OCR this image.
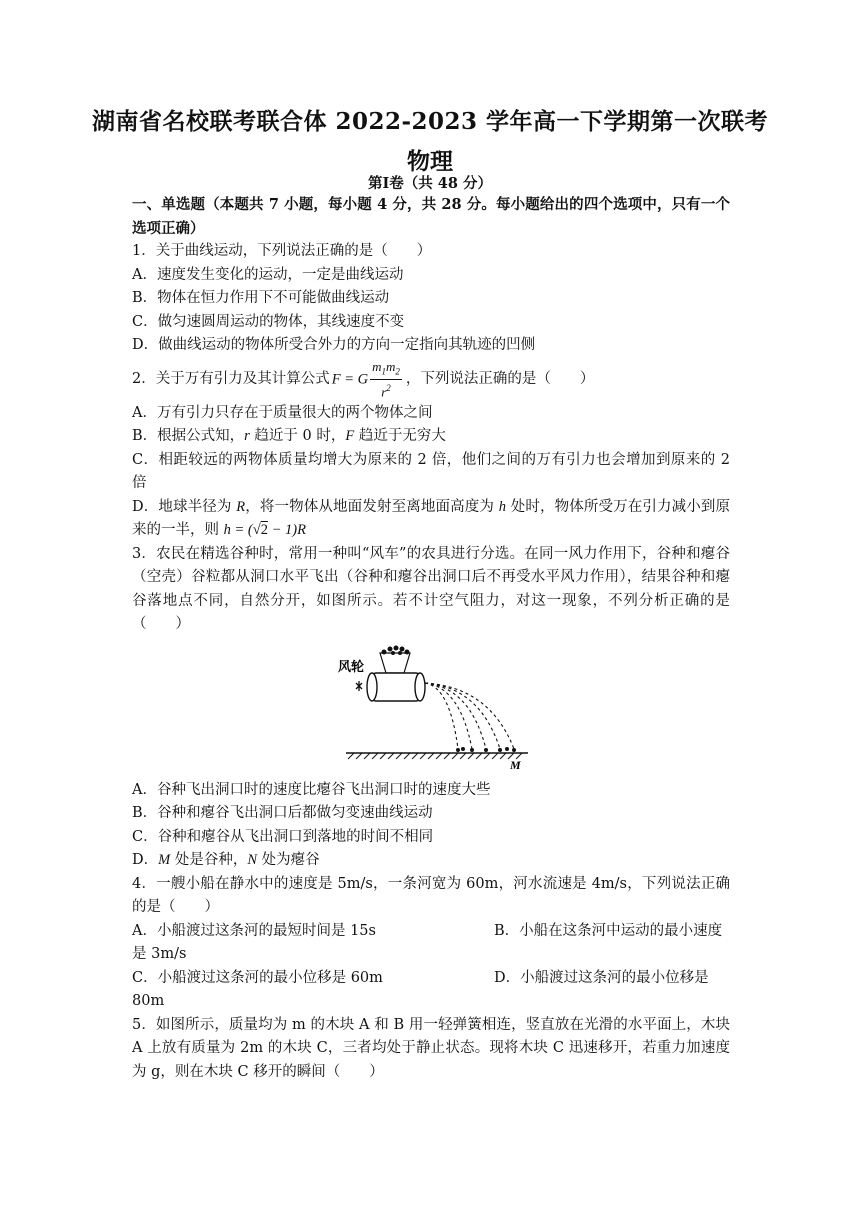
湖南省名校联考联合体 2022-2023 学年高一下学期第一次联考
物理
第Ⅰ卷（共 48 分）
一、单选题（本题共 7 小题，每小题 4 分，共 28 分。每小题给出的四个选项中，只有一个选项正确）
1．关于曲线运动，下列说法正确的是（　　）
A．速度发生变化的运动，一定是曲线运动
B．物体在恒力作用下不可能做曲线运动
C．做匀速圆周运动的物体，其线速度不变
D．做曲线运动的物体所受合外力的方向一定指向其轨迹的凹侧
2．关于万有引力及其计算公式 F = G $\frac{m_1m_2}{r^2}$ ，下列说法正确的是（　　）
A．万有引力只存在于质量很大的两个物体之间
B．根据公式知，r 趋近于 0 时，F 趋近于无穷大
C．相距较远的两物体质量均增大为原来的 2 倍，他们之间的万有引力也会增加到原来的 2 倍
D．地球半径为 R，将一物体从地面发射至离地面高度为 h 处时，物体所受万在引力减小到原来的一半，则 h = (√2 − 1)R
3．农民在精选谷种时，常用一种叫“风车”的农具进行分选。在同一风力作用下，谷种和瘪谷（空壳）谷粒都从洞口水平飞出（谷种和瘪谷出洞口后不再受水平风力作用），结果谷种和瘪谷落地点不同，自然分开，如图所示。若不计空气阻力，对这一现象，不列分析正确的是（　　）
风轮
M
A．谷种飞出洞口时的速度比瘪谷飞出洞口时的速度大些
B．谷种和瘪谷飞出洞口后都做匀变速曲线运动
C．谷种和瘪谷从飞出洞口到落地的时间不相同
D．M 处是谷种，N 处为瘪谷
4．一艘小船在静水中的速度是 5m/s，一条河宽为 60m，河水流速是 4m/s，下列说法正确的是（　　）
A．小船渡过这条河的最短时间是 15s	B．小船在这条河中运动的最小速度
是 3m/s
C．小船渡过这条河的最小位移是 60m	D．小船渡过这条河的最小位移是
80m
5．如图所示，质量均为 m 的木块 A 和 B 用一轻弹簧相连，竖直放在光滑的水平面上，木块 A 上放有质量为 2m 的木块 C，三者均处于静止状态。现将木块 C 迅速移开，若重力加速度为 g，则在木块 C 移开的瞬间（　　）
